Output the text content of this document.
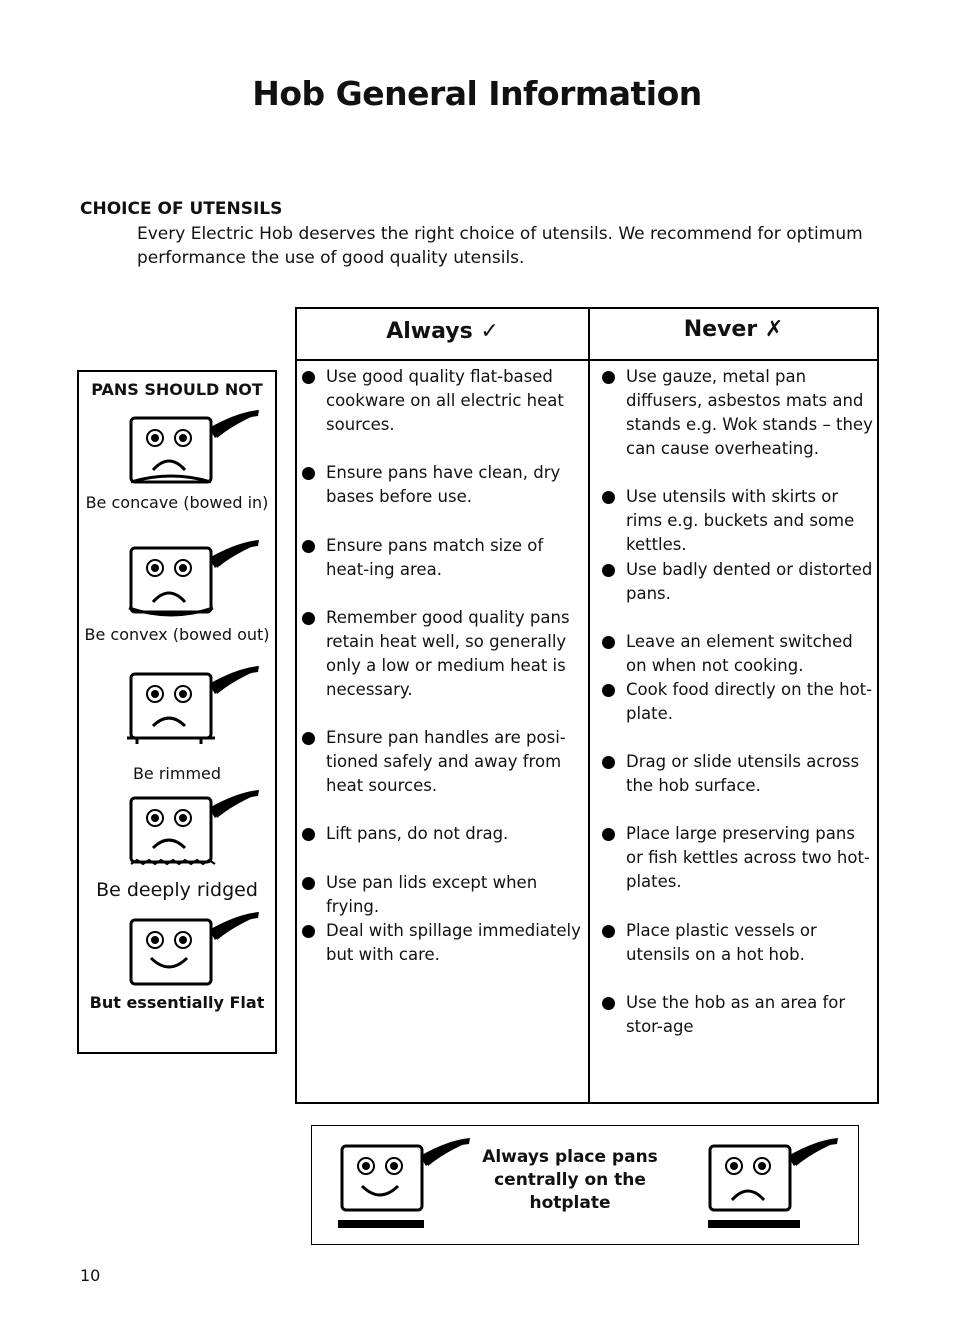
Hob General Information
CHOICE OF UTENSILS
Every Electric Hob deserves the right choice of utensils. We recommend for optimum performance the use of good quality utensils.
PANS SHOULD NOT
Be concave (bowed in)
Be convex (bowed out)
Be rimmed
Be deeply ridged
But essentially Flat
Always ✓	Never ✗
Use good quality flat-based cookware on all electric heat sources.
Ensure pans have clean, dry bases before use.
Ensure pans match size of heat-ing area.
Remember good quality pans retain heat well, so generally only a low or medium heat is necessary.
Ensure pan handles are posi-tioned safely and away from heat sources.
Lift pans, do not drag.
Use pan lids except when frying.
Deal with spillage immediately but with care.
Use gauze, metal pan diffusers, asbestos mats and stands e.g. Wok stands – they can cause overheating.
Use utensils with skirts or rims e.g. buckets and some kettles.
Use badly dented or distorted pans.
Leave an element switched on when not cooking.
Cook food directly on the hot-plate.
Drag or slide utensils across the hob surface.
Place large preserving pans or fish kettles across two hot-plates.
Place plastic vessels or utensils on a hot hob.
Use the hob as an area for stor-age
Always place pans centrally on the hotplate
10
